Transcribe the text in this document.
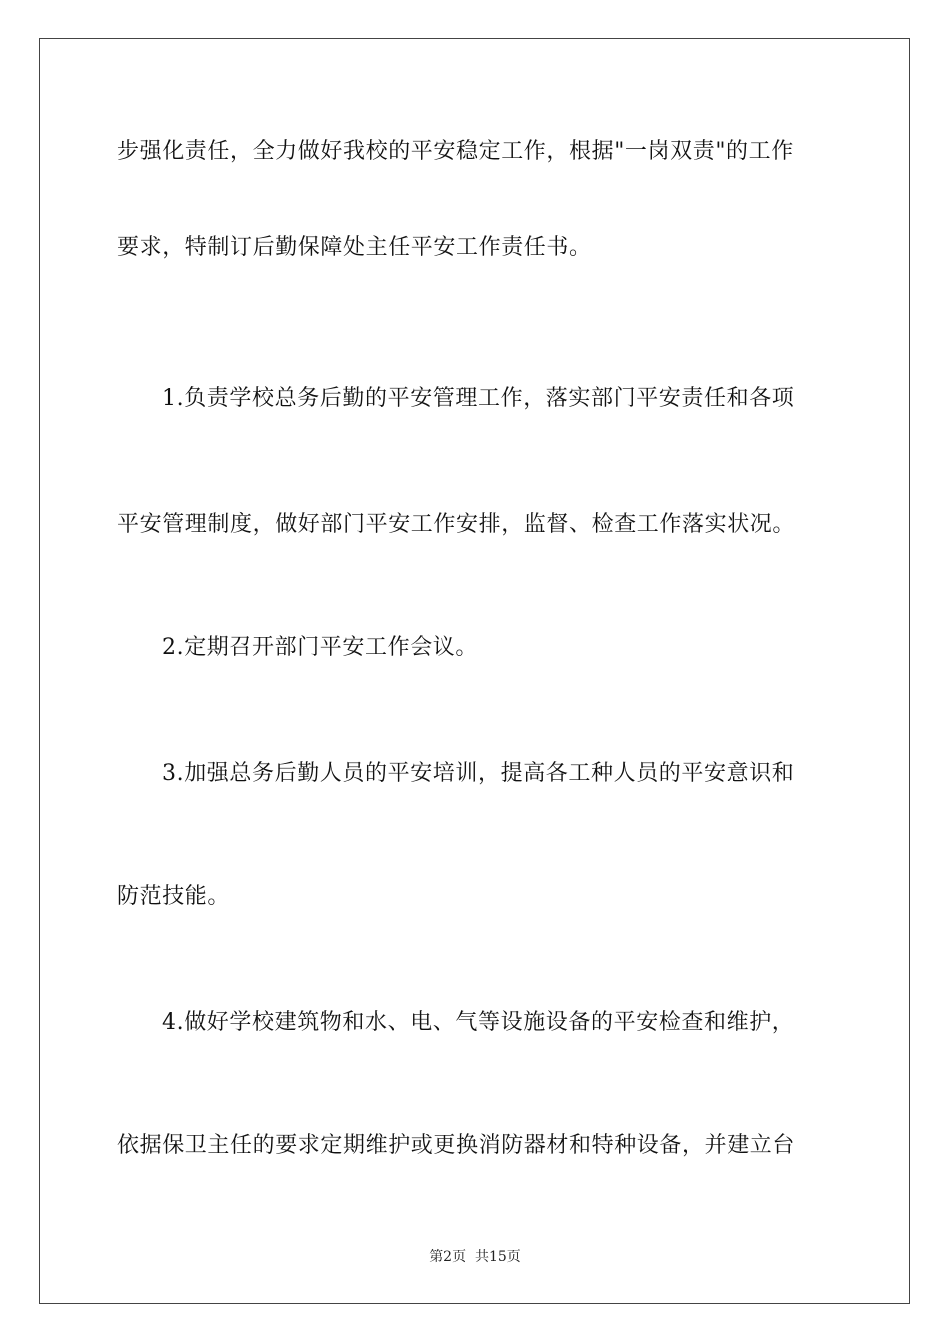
步强化责任，全力做好我校的平安稳定工作，根据"一岗双责"的工作
要求，特制订后勤保障处主任平安工作责任书。
1.负责学校总务后勤的平安管理工作，落实部门平安责任和各项
平安管理制度，做好部门平安工作安排，监督、检查工作落实状况。
2.定期召开部门平安工作会议。
3.加强总务后勤人员的平安培训，提高各工种人员的平安意识和
防范技能。
4.做好学校建筑物和水、电、气等设施设备的平安检查和维护，
依据保卫主任的要求定期维护或更换消防器材和特种设备，并建立台
第2页  共15页
